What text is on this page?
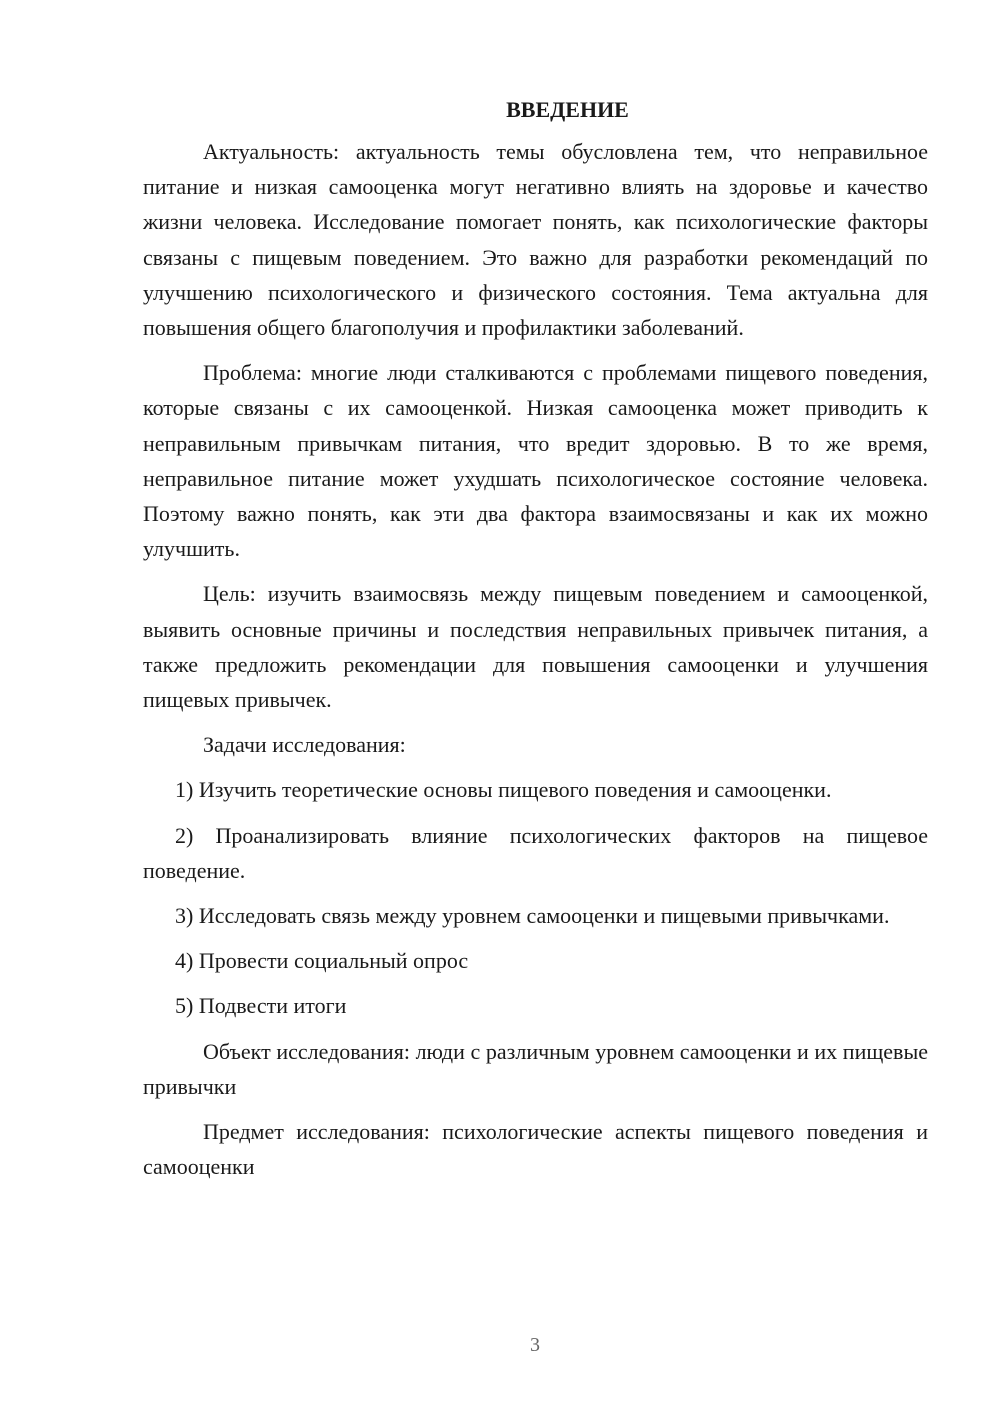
ВВЕДЕНИЕ

Актуальность: актуальность темы обусловлена тем, что неправильное питание и низкая самооценка могут негативно влиять на здоровье и качество жизни человека. Исследование помогает понять, как психологические факторы связаны с пищевым поведением. Это важно для разработки рекомендаций по улучшению психологического и физического состояния. Тема актуальна для повышения общего благополучия и профилактики заболеваний.

Проблема: многие люди сталкиваются с проблемами пищевого поведения, которые связаны с их самооценкой. Низкая самооценка может приводить к неправильным привычкам питания, что вредит здоровью. В то же время, неправильное питание может ухудшать психологическое состояние человека. Поэтому важно понять, как эти два фактора взаимосвязаны и как их можно улучшить.

Цель: изучить взаимосвязь между пищевым поведением и самооценкой, выявить основные причины и последствия неправильных привычек питания, а также предложить рекомендации для повышения самооценки и улучшения пищевых привычек.

Задачи исследования:

1) Изучить теоретические основы пищевого поведения и самооценки.

2) Проанализировать влияние психологических факторов на пищевое поведение.

3) Исследовать связь между уровнем самооценки и пищевыми привычками.

4) Провести социальный опрос

5) Подвести итоги

Объект исследования: люди с различным уровнем самооценки и их пищевые привычки

Предмет исследования: психологические аспекты пищевого поведения и самооценки

3
